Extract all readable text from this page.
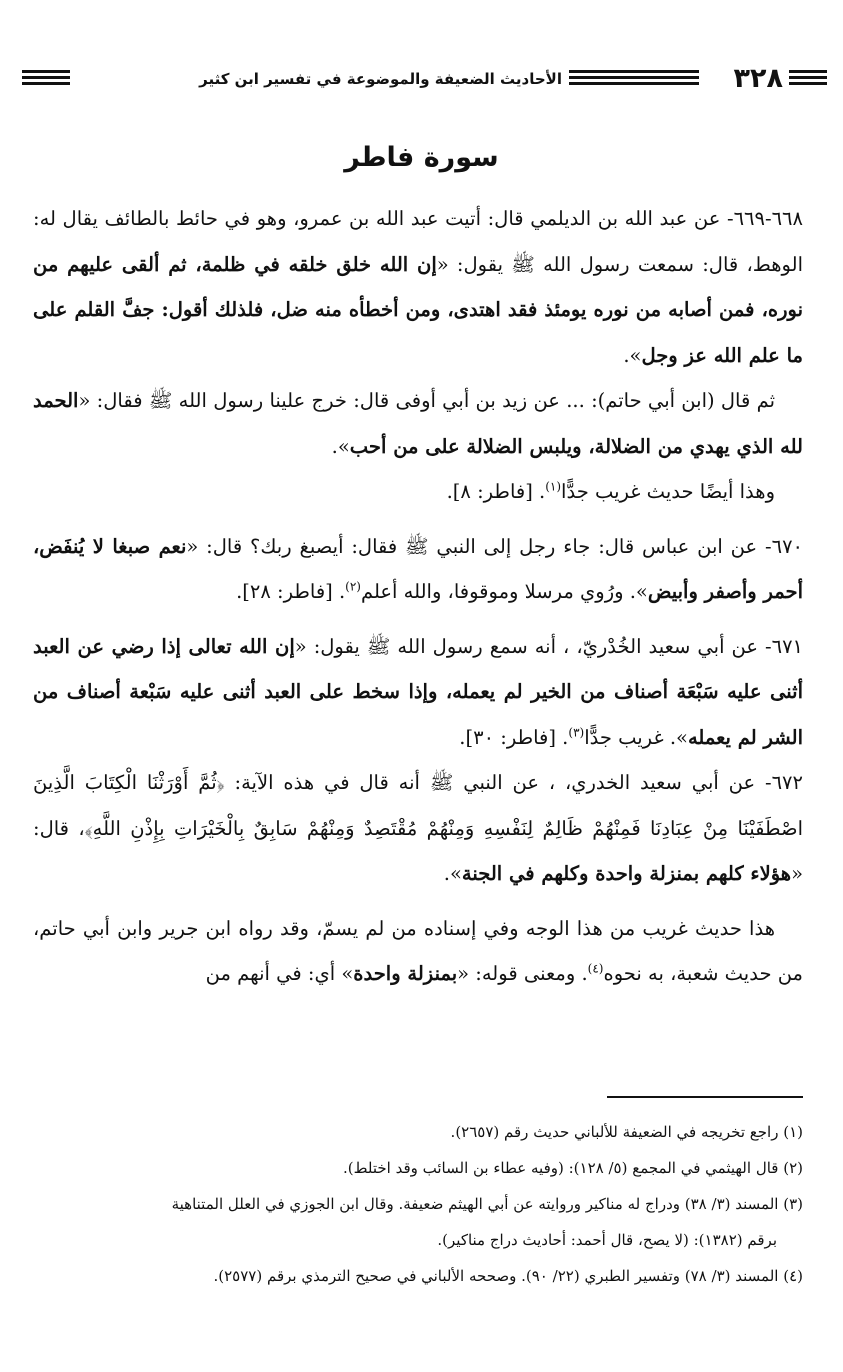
٣٢٨
الأحاديث الضعيفة والموضوعة في تفسير ابن كثير
سورة فاطر

٦٦٨-٦٦٩- عن عبد الله بن الديلمي قال: أتيت عبد الله بن عمرو، وهو في حائط بالطائف يقال له: الوهط، قال: سمعت رسول الله ﷺ يقول: «إن الله خلق خلقه في ظلمة، ثم ألقى عليهم من نوره، فمن أصابه من نوره يومئذ فقد اهتدى، ومن أخطأه منه ضل، فلذلك أقول: جفَّ القلم على ما علم الله عز وجل».

ثم قال (ابن أبي حاتم): ... عن زيد بن أبي أوفى قال: خرج علينا رسول الله ﷺ فقال: «الحمد لله الذي يهدي من الضلالة، ويلبس الضلالة على من أحب».

وهذا أيضًا حديث غريب جدًّا$^{(١)}$. [فاطر: ٨].

٦٧٠- عن ابن عباس قال: جاء رجل إلى النبي ﷺ فقال: أيصبغ ربك؟ قال: «نعم صبغا لا يُنفَض، أحمر وأصفر وأبيض». ورُوي مرسلا وموقوفا، والله أعلم$^{(٢)}$. [فاطر: ٢٨].

٦٧١- عن أبي سعيد الخُدْريّ، ، أنه سمع رسول الله ﷺ يقول: «إن الله تعالى إذا رضي عن العبد أثنى عليه سَبْعَة أصناف من الخير لم يعمله، وإذا سخط على العبد أثنى عليه سَبْعة أصناف من الشر لم يعمله». غريب جدًّا$^{(٣)}$. [فاطر: ٣٠].

٦٧٢- عن أبي سعيد الخدري، ، عن النبي ﷺ أنه قال في هذه الآية: ﴿ثُمَّ أَوْرَثْنَا الْكِتَابَ الَّذِينَ اصْطَفَيْنَا مِنْ عِبَادِنَا فَمِنْهُمْ ظَالِمٌ لِنَفْسِهِ وَمِنْهُمْ مُقْتَصِدٌ وَمِنْهُمْ سَابِقٌ بِالْخَيْرَاتِ بِإِذْنِ اللَّهِ﴾، قال: «هؤلاء كلهم بمنزلة واحدة وكلهم في الجنة».

هذا حديث غريب من هذا الوجه وفي إسناده من لم يسمّ، وقد رواه ابن جرير وابن أبي حاتم، من حديث شعبة، به نحوه$^{(٤)}$. ومعنى قوله: «بمنزلة واحدة» أي: في أنهم من

(١) راجع تخريجه في الضعيفة للألباني حديث رقم (٢٦٥٧).

(٢) قال الهيثمي في المجمع (٥/ ١٢٨): (وفيه عطاء بن السائب وقد اختلط).

(٣) المسند (٣/ ٣٨) ودراج له مناكير وروايته عن أبي الهيثم ضعيفة. وقال ابن الجوزي في العلل المتناهية

برقم (١٣٨٢): (لا يصح، قال أحمد: أحاديث دراج مناكير).

(٤) المسند (٣/ ٧٨) وتفسير الطبري (٢٢/ ٩٠). وصححه الألباني في صحيح الترمذي برقم (٢٥٧٧).
